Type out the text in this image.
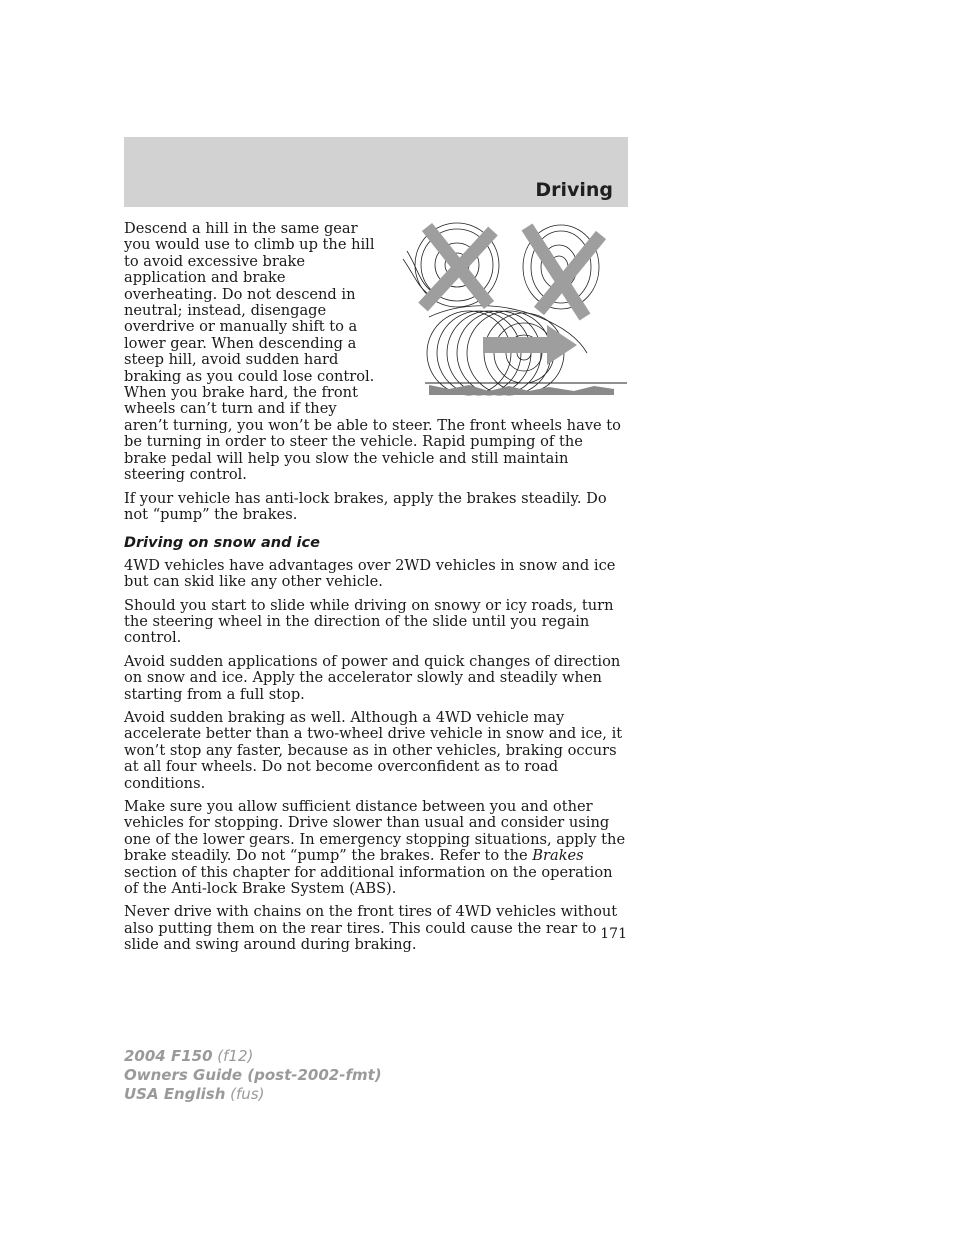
Driving

Descend a hill in the same gear you would use to climb up the hill to avoid excessive brake application and brake overheating. Do not descend in neutral; instead, disengage overdrive or manually shift to a lower gear. When descending a steep hill, avoid sudden hard braking as you could lose control. When you brake hard, the front wheels can’t turn and if they aren’t turning, you won’t be able to steer. The front wheels have to be turning in order to steer the vehicle. Rapid pumping of the brake pedal will help you slow the vehicle and still maintain steering control.

If your vehicle has anti-lock brakes, apply the brakes steadily. Do not “pump” the brakes.

Driving on snow and ice

4WD vehicles have advantages over 2WD vehicles in snow and ice but can skid like any other vehicle.

Should you start to slide while driving on snowy or icy roads, turn the steering wheel in the direction of the slide until you regain control.

Avoid sudden applications of power and quick changes of direction on snow and ice. Apply the accelerator slowly and steadily when starting from a full stop.

Avoid sudden braking as well. Although a 4WD vehicle may accelerate better than a two-wheel drive vehicle in snow and ice, it won’t stop any faster, because as in other vehicles, braking occurs at all four wheels. Do not become overconfident as to road conditions.

Make sure you allow sufficient distance between you and other vehicles for stopping. Drive slower than usual and consider using one of the lower gears. In emergency stopping situations, apply the brake steadily. Do not “pump” the brakes. Refer to the Brakes section of this chapter for additional information on the operation of the Anti-lock Brake System (ABS).

Never drive with chains on the front tires of 4WD vehicles without also putting them on the rear tires. This could cause the rear to slide and swing around during braking.

171
2004 F150 (f12)
Owners Guide (post-2002-fmt)
USA English (fus)
